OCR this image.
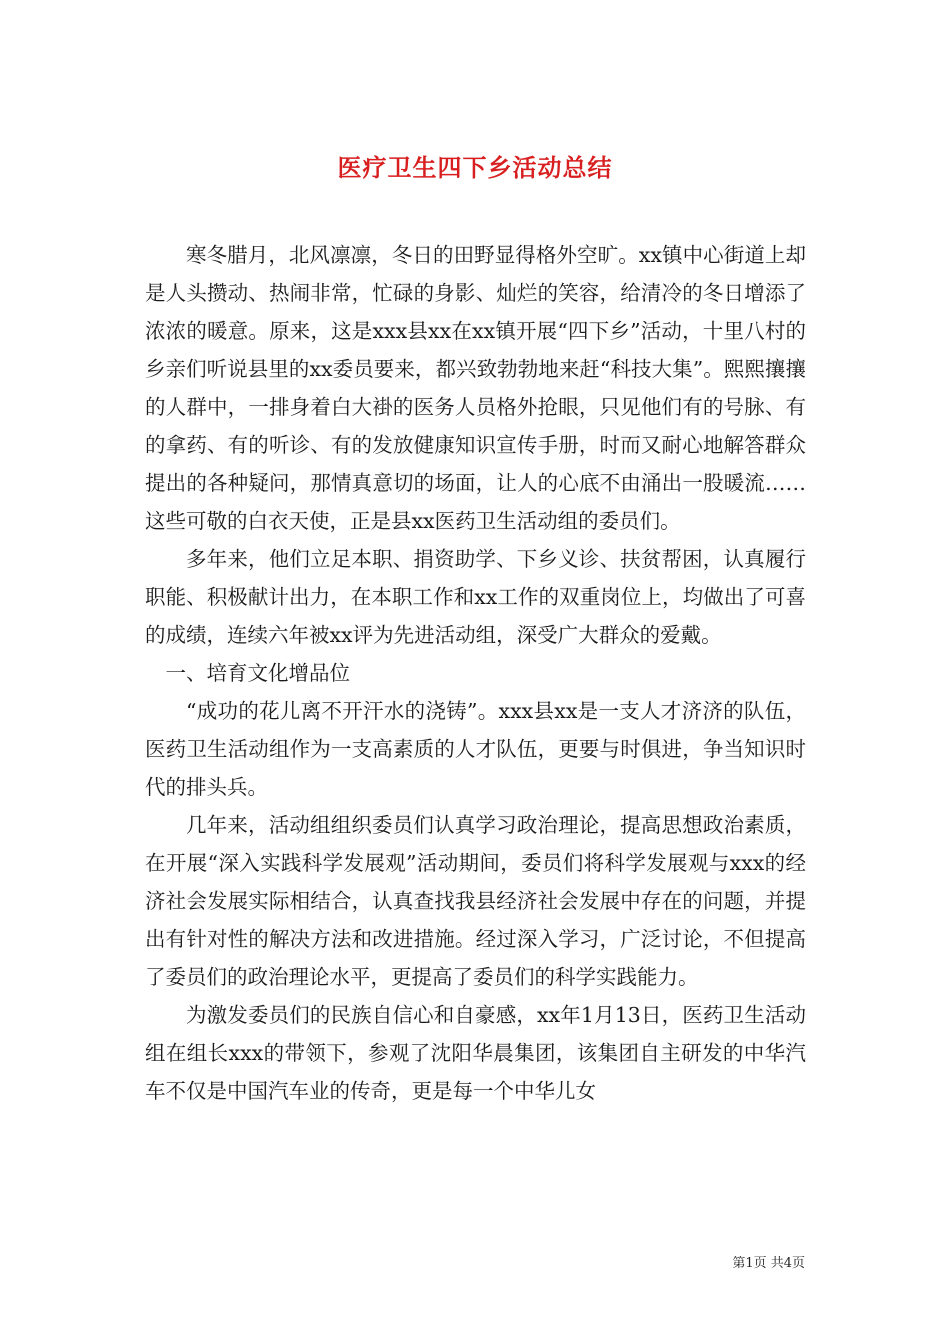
医疗卫生四下乡活动总结

寒冬腊月，北风凛凛，冬日的田野显得格外空旷。xx镇中心街道上却是人头攒动、热闹非常，忙碌的身影、灿烂的笑容，给清冷的冬日增添了浓浓的暖意。原来，这是xxx县xx在xx镇开展“四下乡”活动，十里八村的乡亲们听说县里的xx委员要来，都兴致勃勃地来赶“科技大集”。熙熙攘攘的人群中，一排身着白大褂的医务人员格外抢眼，只见他们有的号脉、有的拿药、有的听诊、有的发放健康知识宣传手册，时而又耐心地解答群众提出的各种疑问，那情真意切的场面，让人的心底不由涌出一股暖流……这些可敬的白衣天使，正是县xx医药卫生活动组的委员们。

多年来，他们立足本职、捐资助学、下乡义诊、扶贫帮困，认真履行职能、积极献计出力，在本职工作和xx工作的双重岗位上，均做出了可喜的成绩，连续六年被xx评为先进活动组，深受广大群众的爱戴。

一、培育文化增品位

“成功的花儿离不开汗水的浇铸”。xxx县xx是一支人才济济的队伍，医药卫生活动组作为一支高素质的人才队伍，更要与时俱进，争当知识时代的排头兵。

几年来，活动组组织委员们认真学习政治理论，提高思想政治素质，在开展“深入实践科学发展观”活动期间，委员们将科学发展观与xxx的经济社会发展实际相结合，认真查找我县经济社会发展中存在的问题，并提出有针对性的解决方法和改进措施。经过深入学习，广泛讨论，不但提高了委员们的政治理论水平，更提高了委员们的科学实践能力。

为激发委员们的民族自信心和自豪感，xx年1月13日，医药卫生活动组在组长xxx的带领下，参观了沈阳华晨集团，该集团自主研发的中华汽车不仅是中国汽车业的传奇，更是每一个中华儿女

第1页 共4页
